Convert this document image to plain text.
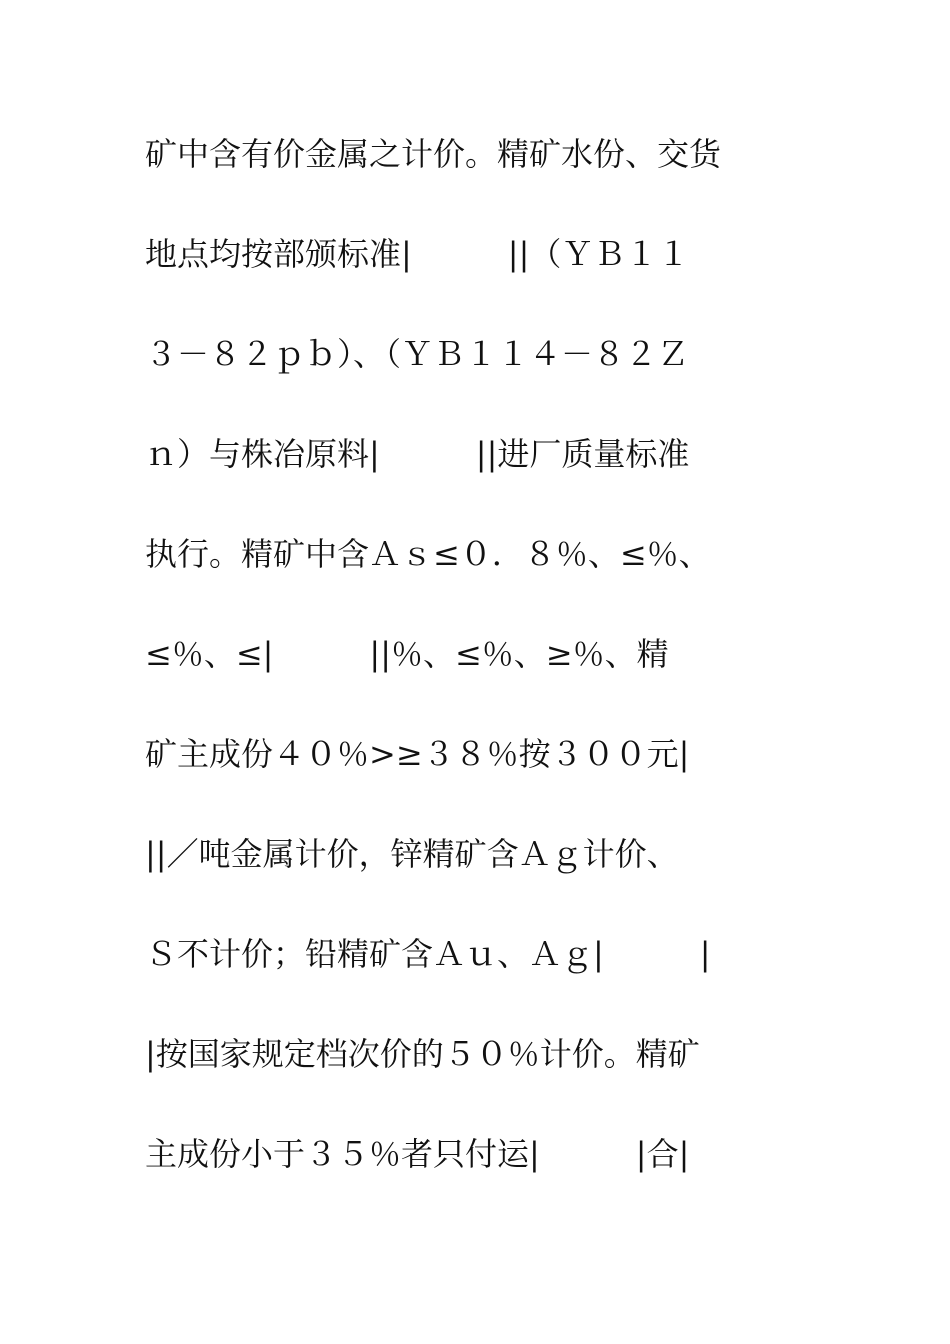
矿中含有价金属之计价。精矿水份、交货
地点均按部颁标准|　　　||（ＹＢ１１
３－８２ｐｂ）、（ＹＢ１１４－８２Ｚ
ｎ）与株冶原料|　　　||进厂质量标准
执行。精矿中含Ａｓ≤０．８％、≤％、
≤％、≤|　　　||％、≤％、≥％、精
矿主成份４０％>≥３８％按３００元|
||／吨金属计价，锌精矿含Ａｇ计价、
Ｓ不计价；铅精矿含Ａｕ、Ａｇ|　　　|
|按国家规定档次价的５０％计价。精矿
主成份小于３５％者只付运|　　　|合|
